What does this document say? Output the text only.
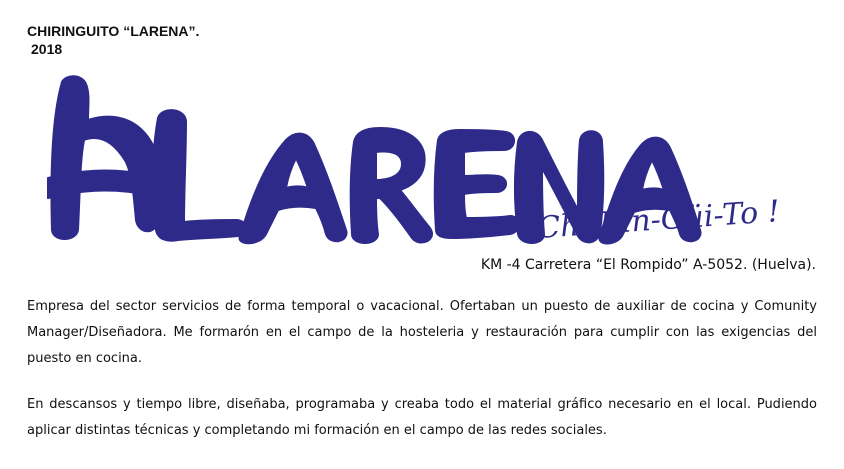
CHIRINGUITO “LARENA”.
2018
Chi-Rin-Güi-To !
KM -4 Carretera “El Rompido” A-5052. (Huelva).
Empresa del sector servicios de forma temporal o vacacional. Ofertaban un puesto de auxiliar de cocina y Comunity Manager/Diseñadora. Me formarón en el campo de la hosteleria y restauración para cumplir con las exigencias del puesto en cocina.
En descansos y tiempo libre, diseñaba, programaba y creaba todo el material gráfico necesario en el local. Pudiendo aplicar distintas técnicas y completando mi formación en el campo de las redes sociales.
